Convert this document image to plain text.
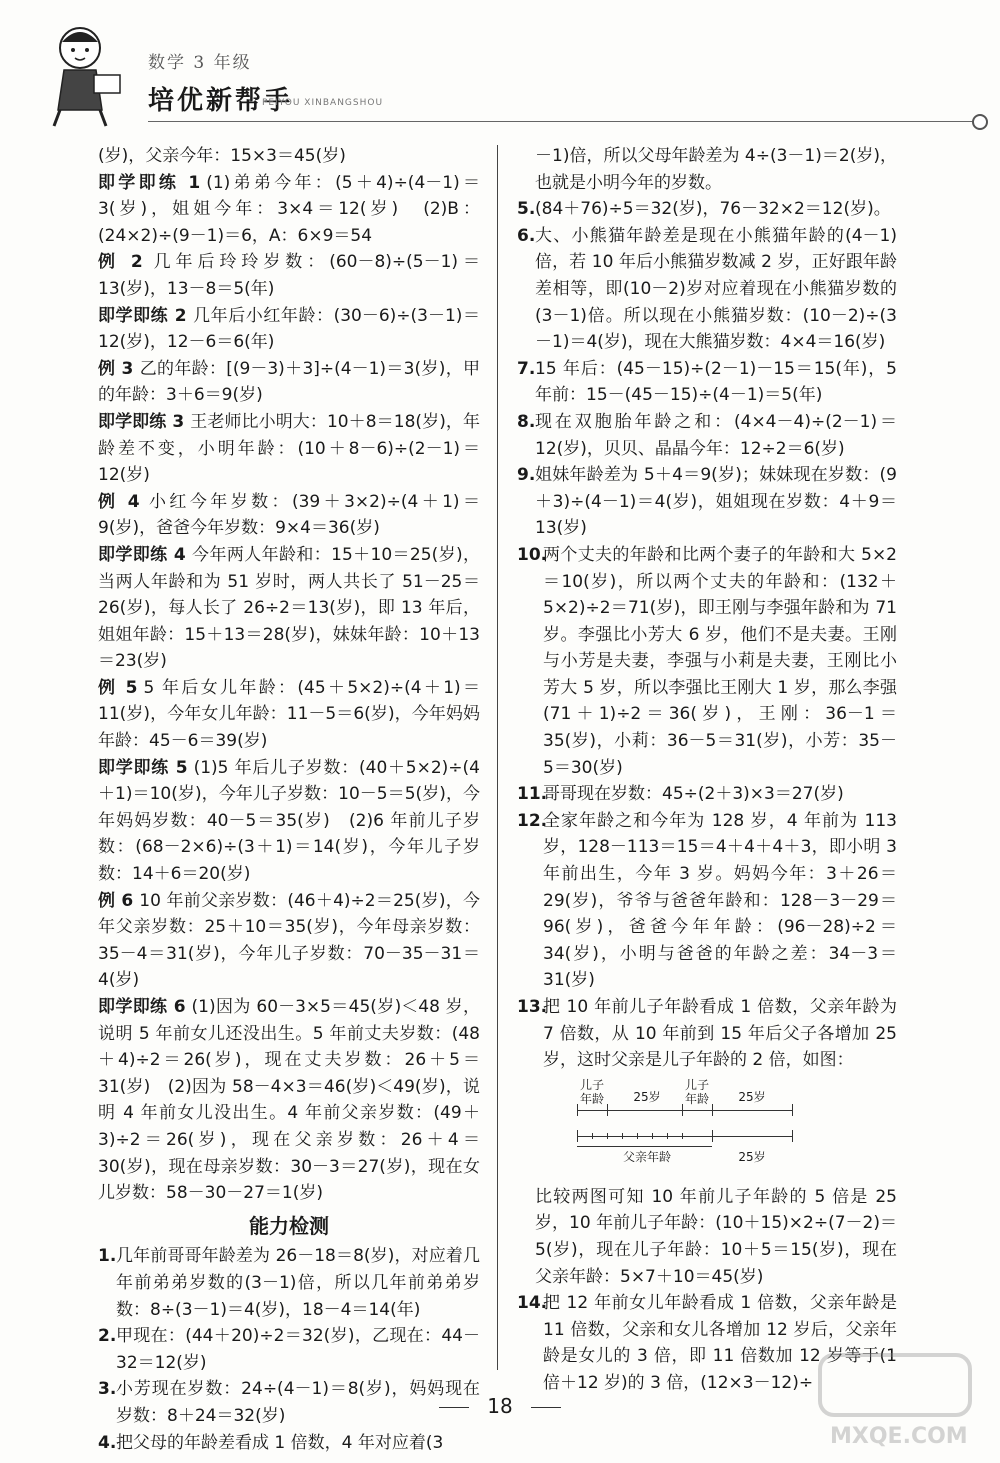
数学 3 年级
培优新帮手
PEIYOU XINBANGSHOU
(岁)，父亲今年：15×3＝45(岁)
即学即练 1 (1)弟弟今年：(5＋4)÷(4－1)＝3(岁)，姐姐今年：3×4＝12(岁)　(2)B：(24×2)÷(9－1)＝6，A：6×9＝54
例 2 几年后玲玲岁数：(60－8)÷(5－1)＝13(岁)，13－8＝5(年)
即学即练 2 几年后小红年龄：(30－6)÷(3－1)＝12(岁)，12－6＝6(年)
例 3 乙的年龄：[(9－3)＋3]÷(4－1)＝3(岁)，甲的年龄：3＋6＝9(岁)
即学即练 3 王老师比小明大：10＋8＝18(岁)，年龄差不变，小明年龄：(10＋8－6)÷(2－1)＝12(岁)
例 4 小红今年岁数：(39＋3×2)÷(4＋1)＝9(岁)，爸爸今年岁数：9×4＝36(岁)
即学即练 4 今年两人年龄和：15＋10＝25(岁)，当两人年龄和为 51 岁时，两人共长了 51－25＝26(岁)，每人长了 26÷2＝13(岁)，即 13 年后，姐姐年龄：15＋13＝28(岁)，妹妹年龄：10＋13＝23(岁)
例 5 5 年后女儿年龄：(45＋5×2)÷(4＋1)＝11(岁)，今年女儿年龄：11－5＝6(岁)，今年妈妈年龄：45－6＝39(岁)
即学即练 5 (1)5 年后儿子岁数：(40＋5×2)÷(4＋1)＝10(岁)，今年儿子岁数：10－5＝5(岁)，今年妈妈岁数：40－5＝35(岁)　(2)6 年前儿子岁数：(68－2×6)÷(3＋1)＝14(岁)，今年儿子岁数：14＋6＝20(岁)
例 6 10 年前父亲岁数：(46＋4)÷2＝25(岁)，今年父亲岁数：25＋10＝35(岁)，今年母亲岁数：35－4＝31(岁)，今年儿子岁数：70－35－31＝4(岁)
即学即练 6 (1)因为 60－3×5＝45(岁)＜48 岁，说明 5 年前女儿还没出生。5 年前丈夫岁数：(48＋4)÷2＝26(岁)，现在丈夫岁数：26＋5＝31(岁)　(2)因为 58－4×3＝46(岁)＜49(岁)，说明 4 年前女儿没出生。4 年前父亲岁数：(49＋3)÷2＝26(岁)，现在父亲岁数：26＋4＝30(岁)，现在母亲岁数：30－3＝27(岁)，现在女儿岁数：58－30－27＝1(岁)
能力检测
1. 几年前哥哥年龄差为 26－18＝8(岁)，对应着几年前弟弟岁数的(3－1)倍，所以几年前弟弟岁数：8÷(3－1)＝4(岁)，18－4＝14(年)
2. 甲现在：(44＋20)÷2＝32(岁)，乙现在：44－32＝12(岁)
3. 小芳现在岁数：24÷(4－1)＝8(岁)，妈妈现在岁数：8＋24＝32(岁)
4. 把父母的年龄差看成 1 倍数，4 年对应着(3
－1)倍，所以父母年龄差为 4÷(3－1)＝2(岁)，也就是小明今年的岁数。
5. (84＋76)÷5＝32(岁)，76－32×2＝12(岁)。
6. 大、小熊猫年龄差是现在小熊猫年龄的(4－1)倍，若 10 年后小熊猫岁数减 2 岁，正好跟年龄差相等，即(10－2)岁对应着现在小熊猫岁数的(3－1)倍。所以现在小熊猫岁数：(10－2)÷(3－1)＝4(岁)，现在大熊猫岁数：4×4＝16(岁)
7. 15 年后：(45－15)÷(2－1)－15＝15(年)，5 年前：15－(45－15)÷(4－1)＝5(年)
8. 现在双胞胎年龄之和：(4×4－4)÷(2－1)＝12(岁)，贝贝、晶晶今年：12÷2＝6(岁)
9. 姐妹年龄差为 5＋4＝9(岁)；妹妹现在岁数：(9＋3)÷(4－1)＝4(岁)，姐姐现在岁数：4＋9＝13(岁)
10.
两个丈夫的年龄和比两个妻子的年龄和大 5×2＝10(岁)，所以两个丈夫的年龄和：(132＋5×2)÷2＝71(岁)，即王刚与李强年龄和为 71 岁。李强比小芳大 6 岁，他们不是夫妻。王刚与小芳是夫妻，李强与小莉是夫妻，王刚比小芳大 5 岁，所以李强比王刚大 1 岁，那么李强(71＋1)÷2＝36(岁)，王刚：36－1＝35(岁)，小莉：36－5＝31(岁)，小芳：35－5＝30(岁)
11.
哥哥现在岁数：45÷(2＋3)×3＝27(岁)
12.
全家年龄之和今年为 128 岁，4 年前为 113 岁，128－113＝15＝4＋4＋4＋3，即小明 3 年前出生，今年 3 岁。妈妈今年：3＋26＝29(岁)，爷爷与爸爸年龄和：128－3－29＝96(岁)，爸爸今年年龄：(96－28)÷2＝34(岁)，小明与爸爸的年龄之差：34－3＝31(岁)
13.
把 10 年前儿子年龄看成 1 倍数，父亲年龄为 7 倍数，从 10 年前到 15 年后父子各增加 25 岁，这时父亲是儿子年龄的 2 倍，如图：
儿子年龄	25岁
儿子年龄	25岁
父亲年龄	25岁
比较两图可知 10 年前儿子年龄的 5 倍是 25 岁，10 年前儿子年龄：(10＋15)×2÷(7－2)＝5(岁)，现在儿子年龄：10＋5＝15(岁)，现在父亲年龄：5×7＋10＝45(岁)
14.
把 12 年前女儿年龄看成 1 倍数，父亲年龄是 11 倍数，父亲和女儿各增加 12 岁后，父亲年龄是女儿的 3 倍，即 11 倍数加 12 岁等于(1 倍＋12 岁)的 3 倍，(12×3－12)÷
18
MXQE.COM
